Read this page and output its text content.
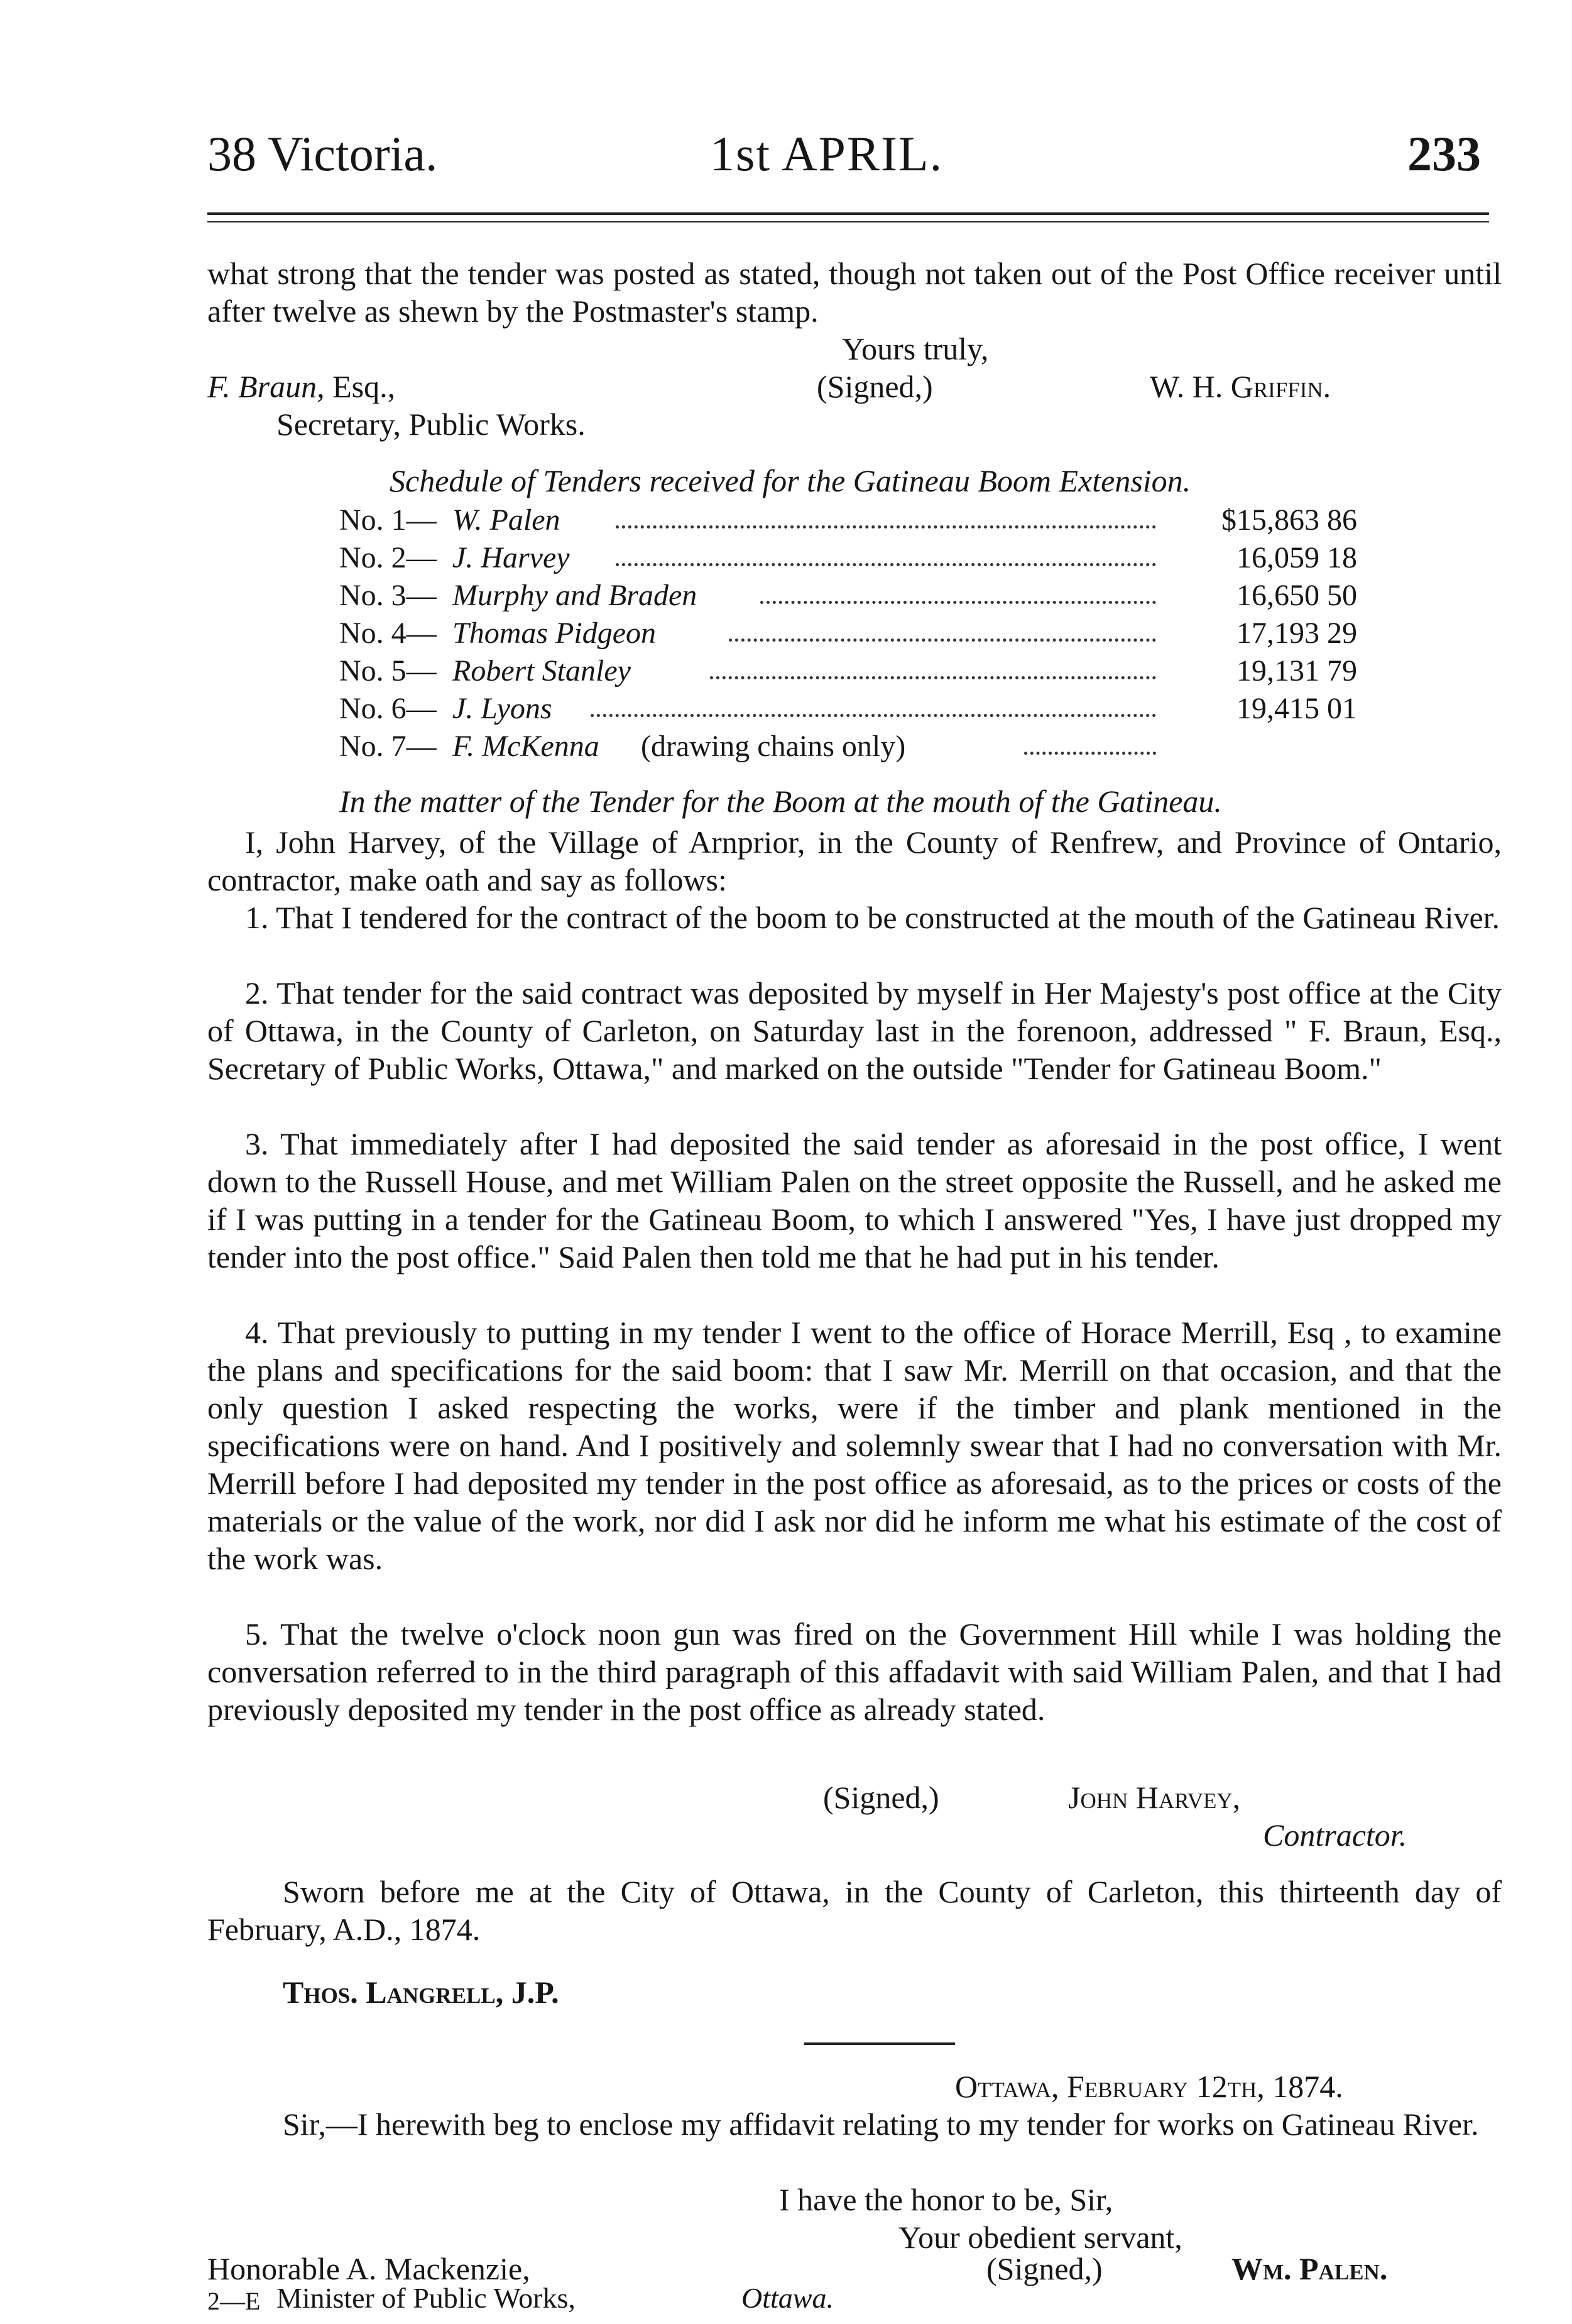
38 Victoria.	1st APRIL.	233
what strong that the tender was posted as stated, though not taken out of the Post Office receiver until after twelve as shewn by the Postmaster's stamp.
Yours truly,
F. Braun, Esq.,	(Signed,)	W. H. Griffin.
Secretary, Public Works.
Schedule of Tenders received for the Gatineau Boom Extension.
No. 1— W. Palen	$15,863 86
No. 2— J. Harvey	16,059 18
No. 3— Murphy and Braden	16,650 50
No. 4— Thomas Pidgeon	17,193 29
No. 5— Robert Stanley	19,131 79
No. 6— J. Lyons	19,415 01
No. 7— F. McKenna (drawing chains only)
In the matter of the Tender for the Boom at the mouth of the Gatineau.
I, John Harvey, of the Village of Arnprior, in the County of Renfrew, and Province of Ontario, contractor, make oath and say as follows:
1. That I tendered for the contract of the boom to be constructed at the mouth of the Gatineau River.
2. That tender for the said contract was deposited by myself in Her Majesty's post office at the City of Ottawa, in the County of Carleton, on Saturday last in the forenoon, addressed " F. Braun, Esq., Secretary of Public Works, Ottawa," and marked on the outside "Tender for Gatineau Boom."
3. That immediately after I had deposited the said tender as aforesaid in the post office, I went down to the Russell House, and met William Palen on the street opposite the Russell, and he asked me if I was putting in a tender for the Gatineau Boom, to which I answered "Yes, I have just dropped my tender into the post office." Said Palen then told me that he had put in his tender.
4. That previously to putting in my tender I went to the office of Horace Merrill, Esq , to examine the plans and specifications for the said boom: that I saw Mr. Merrill on that occasion, and that the only question I asked respecting the works, were if the timber and plank mentioned in the specifications were on hand. And I positively and solemnly swear that I had no conversation with Mr. Merrill before I had deposited my tender in the post office as aforesaid, as to the prices or costs of the materials or the value of the work, nor did I ask nor did he inform me what his estimate of the cost of the work was.
5. That the twelve o'clock noon gun was fired on the Government Hill while I was holding the conversation referred to in the third paragraph of this affadavit with said William Palen, and that I had previously deposited my tender in the post office as already stated.
(Signed,)	John Harvey,
Contractor.
Sworn before me at the City of Ottawa, in the County of Carleton, this thirteenth day of February, A.D., 1874.
Thos. Langrell, J.P.
Ottawa, February 12th, 1874.
Sir,—I herewith beg to enclose my affidavit relating to my tender for works on Gatineau River.
I have the honor to be, Sir,
Your obedient servant,
Honorable A. Mackenzie,	(Signed,)	Wm. Palen.
Minister of Public Works,	Ottawa.
2—E
